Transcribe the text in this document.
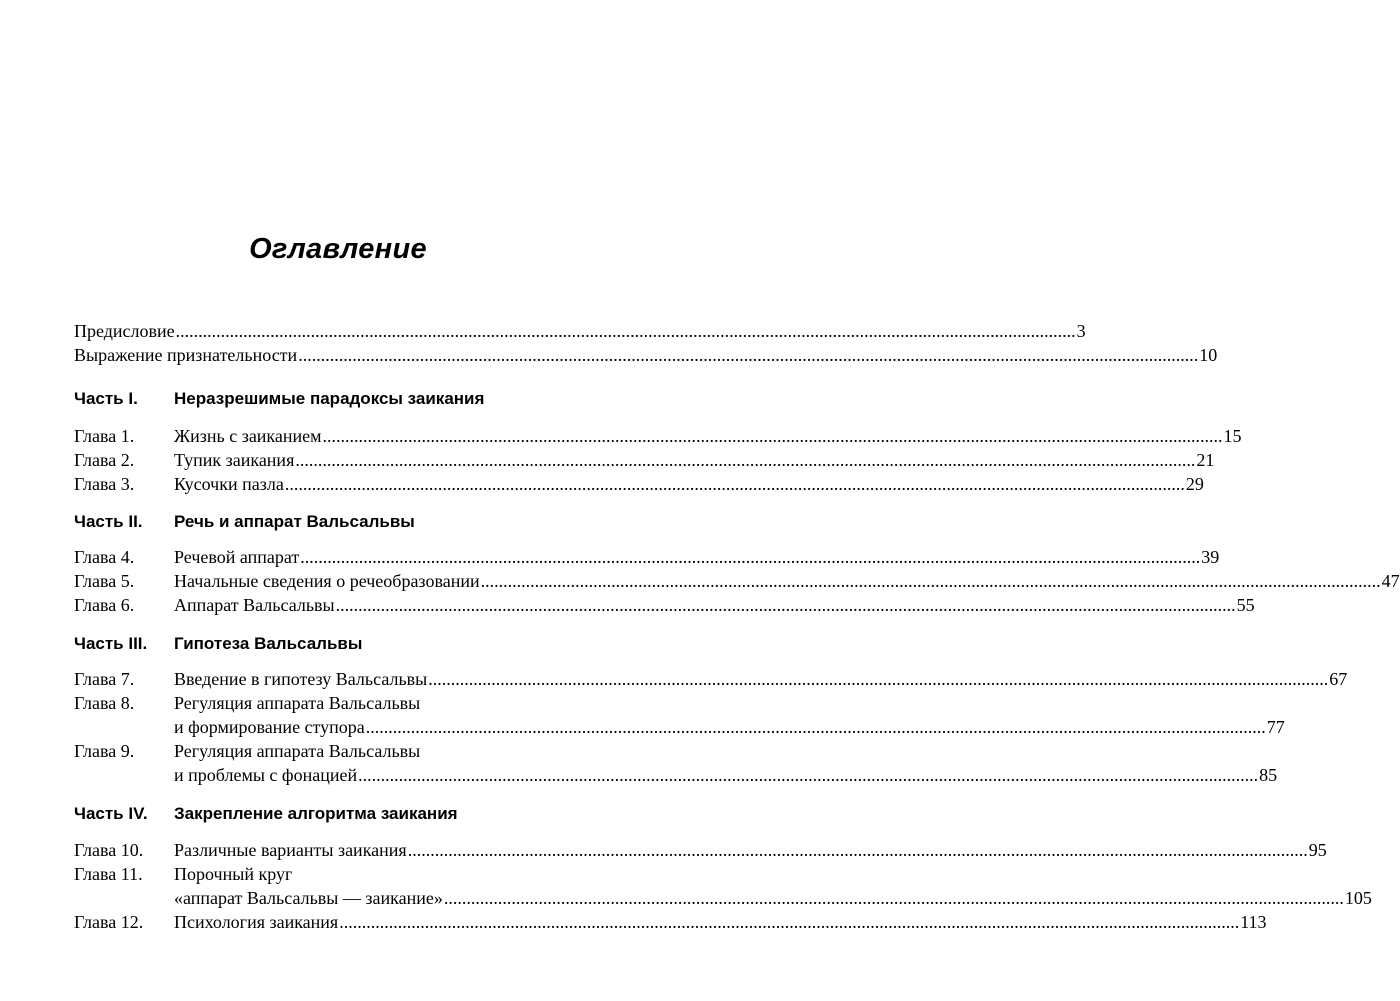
Оглавление
Предисловие ........................................................................................................................................................................................................ 3
Выражение признательности ........................................................................................................................................................................................................ 10
Часть I. Неразрешимые парадоксы заикания
Глава 1. Жизнь с заиканием ........................................................................................................................................................................................................ 15
Глава 2. Тупик заикания ........................................................................................................................................................................................................ 21
Глава 3. Кусочки пазла ........................................................................................................................................................................................................ 29
Часть II. Речь и аппарат Вальсальвы
Глава 4. Речевой аппарат ........................................................................................................................................................................................................ 39
Глава 5. Начальные сведения о речеобразовании ........................................................................................................................................................................................................ 47
Глава 6. Аппарат Вальсальвы ........................................................................................................................................................................................................ 55
Часть III. Гипотеза Вальсальвы
Глава 7. Введение в гипотезу Вальсальвы ........................................................................................................................................................................................................ 67
Глава 8. Регуляция аппарата Вальсальвы
и формирование ступора ........................................................................................................................................................................................................ 77
Глава 9. Регуляция аппарата Вальсальвы
и проблемы с фонацией ........................................................................................................................................................................................................ 85
Часть IV. Закрепление алгоритма заикания
Глава 10. Различные варианты заикания ........................................................................................................................................................................................................ 95
Глава 11. Порочный круг
«аппарат Вальсальвы — заикание» ........................................................................................................................................................................................................ 105
Глава 12. Психология заикания ........................................................................................................................................................................................................ 113
